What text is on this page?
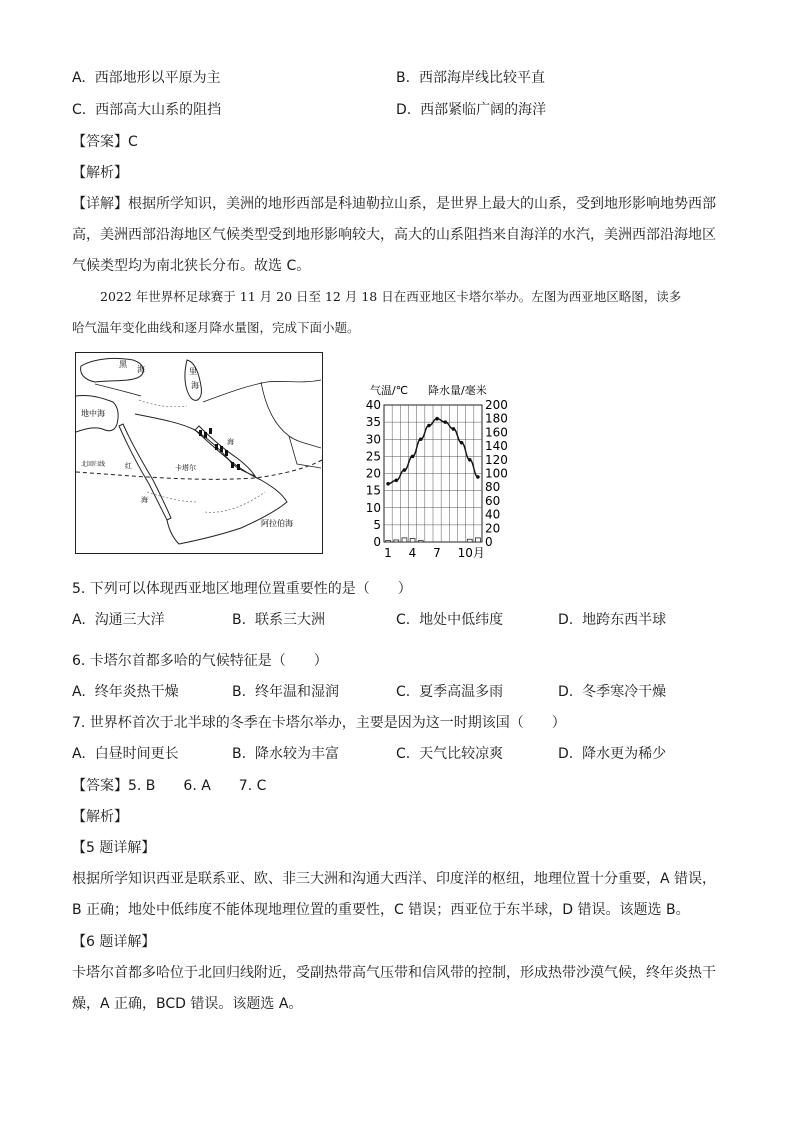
A. 西部地形以平原为主	B. 西部海岸线比较平直
C. 西部高大山系的阻挡	D. 西部紧临广阔的海洋
【答案】C
【解析】
【详解】根据所学知识，美洲的地形西部是科迪勒拉山系，是世界上最大的山系，受到地形影响地势西部
高，美洲西部沿海地区气候类型受到地形影响较大，高大的山系阻挡来自海洋的水汽，美洲西部沿海地区
气候类型均为南北狭长分布。故选 C。
2022 年世界杯足球赛于 11 月 20 日至 12 月 18 日在西亚地区卡塔尔举办。左图为西亚地区略图，读多
哈气温年变化曲线和逐月降水量图，完成下面小题。
黑
海	里
海
地中海
海
北回归线	红
海
卡塔尔
阿拉伯海
气温/℃ 降水量/毫米
40
35
30
25
20
15
10
5
0
200
180
160
140
120
100
80
60
40
20
0
1 4 7 10月
5. 下列可以体现西亚地区地理位置重要性的是（　　）
A. 沟通三大洋	B. 联系三大洲	C. 地处中低纬度	D. 地跨东西半球
6. 卡塔尔首都多哈的气候特征是（　　）
A. 终年炎热干燥	B. 终年温和湿润	C. 夏季高温多雨	D. 冬季寒冷干燥
7. 世界杯首次于北半球的冬季在卡塔尔举办，主要是因为这一时期该国（　　）
A. 白昼时间更长	B. 降水较为丰富	C. 天气比较凉爽	D. 降水更为稀少
【答案】5. B　　6. A　　7. C
【解析】
【5 题详解】
根据所学知识西亚是联系亚、欧、非三大洲和沟通大西洋、印度洋的枢纽，地理位置十分重要，A 错误，
B 正确；地处中低纬度不能体现地理位置的重要性，C 错误；西亚位于东半球，D 错误。该题选 B。
【6 题详解】
卡塔尔首都多哈位于北回归线附近，受副热带高气压带和信风带的控制，形成热带沙漠气候，终年炎热干
燥，A 正确，BCD 错误。该题选 A。
